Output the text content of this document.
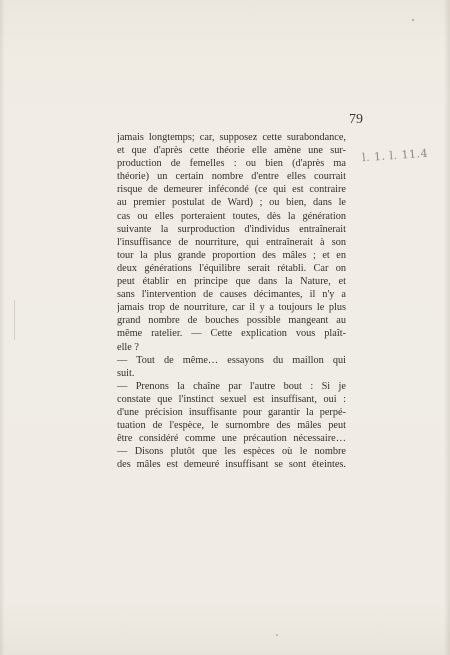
79
l. 1. l. 11.4
jamais longtemps; car, supposez cette surabondance,
et que d'après cette théorie elle amène une sur-
production de femelles : ou bien (d'après ma
théorie) un certain nombre d'entre elles courrait
risque de demeurer infécondé (ce qui est contraire
au premier postulat de Ward) ; ou bien, dans le
cas ou elles porteraient toutes, dès la génération
suivante la surproduction d'individus entraînerait
l'insuffisance de nourriture, qui entraînerait à son
tour la plus grande proportion des mâles ; et en
deux générations l'équilibre serait rétabli. Car on
peut établir en principe que dans la Nature, et
sans l'intervention de causes décimantes, il n'y a
jamais trop de nourriture, car il y a toujours le plus
grand nombre de bouches possible mangeant au
même ratelier. — Cette explication vous plaît-
elle ?
— Tout de même… essayons du maillon qui
suit.
— Prenons la chaîne par l'autre bout : Si je
constate que l'instinct sexuel est insuffisant, oui :
d'une précision insuffisante pour garantir la perpé-
tuation de l'espèce, le surnombre des mâles peut
être considéré comme une précaution nécessaire…
— Disons plutôt que les espèces où le nombre
des mâles est demeuré insuffisant se sont éteintes.
